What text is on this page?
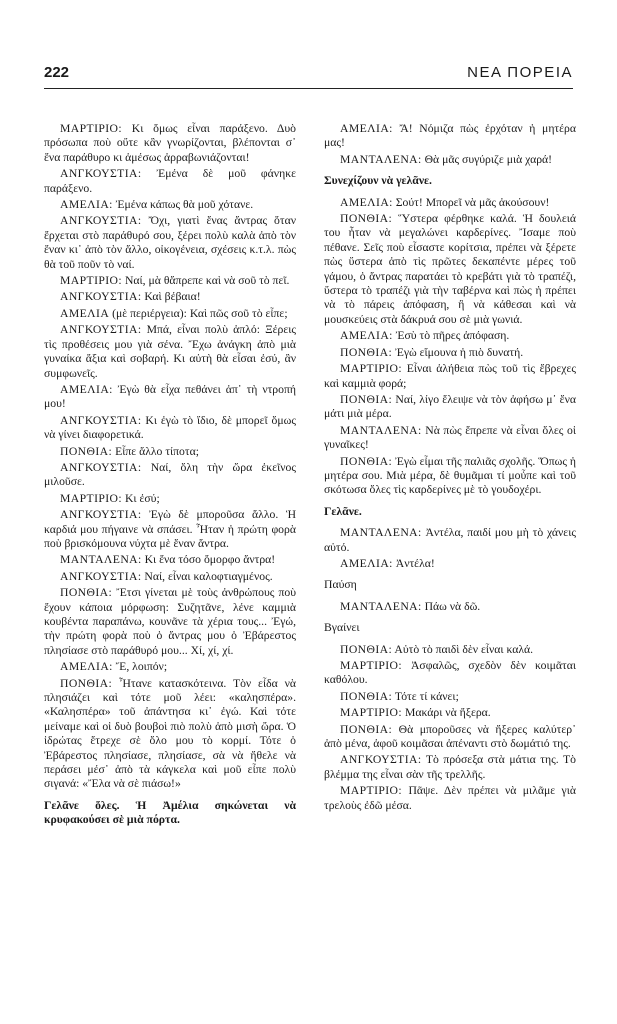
222	ΝΕΑ ΠΟΡΕΙΑ

ΜΑΡΤΙΡΙΟ: Κι ὅμως εἶναι παράξενο. Δυὸ πρόσωπα ποὺ οὔτε κἂν γνωρίζονται, βλέπονται σ᾽ ἕνα παράθυρο κι ἀμέσως ἀρραβωνιάζονται!

ΑΝΓΚΟΥΣΤΙΑ: Ἐμένα δὲ μοῦ φάνηκε παράξενο.

ΑΜΕΛΙΑ: Ἐμένα κάπως θὰ μοῦ χότανε.

ΑΝΓΚΟΥΣΤΙΑ: Ὄχι, γιατὶ ἕνας ἄντρας ὅταν ἔρχεται στὸ παράθυρό σου, ξέρει πολὺ καλὰ ἀπὸ τὸν ἕναν κι᾽ ἀπὸ τὸν ἄλλο, οἰκογένεια, σχέσεις κ.τ.λ. πὼς θὰ τοῦ ποῦν τὸ ναί.

ΜΑΡΤΙΡΙΟ: Ναί, μὰ θἄπρεπε καὶ νὰ σοῦ τὸ πεῖ.

ΑΝΓΚΟΥΣΤΙΑ: Καὶ βέβαια!

ΑΜΕΛΙΑ (μὲ περιέργεια): Καὶ πῶς σοῦ τὸ εἶπε;

ΑΝΓΚΟΥΣΤΙΑ: Μπά, εἶναι πολὺ ἁπλό: Ξέρεις τὶς προθέσεις μου γιὰ σένα. Ἔχω ἀνάγκη ἀπὸ μιὰ γυναίκα ἄξια καὶ σοβαρή. Κι αὐτὴ θὰ εἶσαι ἐσύ, ἂν συμφωνεῖς.

ΑΜΕΛΙΑ: Ἐγὼ θὰ εἶχα πεθάνει ἀπ᾽ τὴ ντροπή μου!

ΑΝΓΚΟΥΣΤΙΑ: Κι ἐγὼ τὸ ἴδιο, δὲ μπορεῖ ὅμως νὰ γίνει διαφορετικά.

ΠΟΝΘΙΑ: Εἶπε ἄλλο τίποτα;

ΑΝΓΚΟΥΣΤΙΑ: Ναί, ὅλη τὴν ὥρα ἐκεῖνος μιλοῦσε.

ΜΑΡΤΙΡΙΟ: Κι ἐσύ;

ΑΝΓΚΟΥΣΤΙΑ: Ἐγὼ δὲ μποροῦσα ἄλλο. Ἡ καρδιά μου πήγαινε νὰ σπάσει. Ἦταν ἡ πρώτη φορὰ ποὺ βρισκόμουνα νύχτα μὲ ἕναν ἄντρα.

ΜΑΝΤΑΛΕΝΑ: Κι ἕνα τόσο ὄμορφο ἄντρα!

ΑΝΓΚΟΥΣΤΙΑ: Ναί, εἶναι καλοφτιαγμένος.

ΠΟΝΘΙΑ: Ἔτσι γίνεται μὲ τοὺς ἀνθρώπους ποὺ ἔχουν κάποια μόρφωση: Συζητᾶνε, λένε καμμιὰ κουβέντα παραπάνω, κουνᾶνε τὰ χέρια τους... Ἐγώ, τὴν πρώτη φορὰ ποὺ ὁ ἄντρας μου ὁ Ἐβάρεστος πλησίασε στὸ παράθυρό μου... Χί, χί, χί.

ΑΜΕΛΙΑ: Ἔ, λοιπόν;

ΠΟΝΘΙΑ: Ἦτανε κατασκότεινα. Τὸν εἶδα νὰ πλησιάζει καὶ τότε μοῦ λέει: «καλησπέρα». «Καλησπέρα» τοῦ ἀπάντησα κι᾽ ἐγώ. Καὶ τότε μείναμε καὶ οἱ δυὸ βουβοὶ πιὸ πολὺ ἀπὸ μισὴ ὥρα. Ὁ ἱδρώτας ἔτρεχε σὲ ὅλο μου τὸ κορμί. Τότε ὁ Ἐβάρεστος πλησίασε, πλησίασε, σὰ νὰ ἤθελε νὰ περάσει μέσ᾽ ἀπὸ τὰ κάγκελα καὶ μοῦ εἶπε πολὺ σιγανά: «Ἔλα νὰ σὲ πιάσω!»

Γελᾶνε ὅλες. Ἡ Ἀμέλια σηκώνεται νὰ κρυφακούσει σὲ μιὰ πόρτα.

ΑΜΕΛΙΑ: Ἄ! Νόμιζα πὼς ἐρχόταν ἡ μητέρα μας!

ΜΑΝΤΑΛΕΝΑ: Θὰ μᾶς συγύριζε μιὰ χαρά!

Συνεχίζουν νὰ γελᾶνε.

ΑΜΕΛΙΑ: Σούτ! Μπορεῖ νὰ μᾶς ἀκούσουν!

ΠΟΝΘΙΑ: Ὕστερα φέρθηκε καλά. Ἡ δουλειά του ἦταν νὰ μεγαλώνει καρδερίνες. Ἴσαμε ποὺ πέθανε. Σεῖς ποὺ εἶσαστε κορίτσια, πρέπει νὰ ξέρετε πὼς ὕστερα ἀπὸ τὶς πρῶτες δεκαπέντε μέρες τοῦ γάμου, ὁ ἄντρας παρατάει τὸ κρεβάτι γιὰ τὸ τραπέζι, ὕστερα τὸ τραπέζι γιὰ τὴν ταβέρνα καὶ πὼς ἡ πρέπει νὰ τὸ πάρεις ἀπόφαση, ἢ νὰ κάθεσαι καὶ νὰ μουσκεύεις στὰ δάκρυά σου σὲ μιὰ γωνιά.

ΑΜΕΛΙΑ: Ἐσὺ τὸ πῆρες ἀπόφαση.

ΠΟΝΘΙΑ: Ἐγὼ εἴμουνα ἡ πιὸ δυνατή.

ΜΑΡΤΙΡΙΟ: Εἶναι ἀλήθεια πὼς τοῦ τὶς ἔβρεχες καὶ καμμιὰ φορά;

ΠΟΝΘΙΑ: Ναί, λίγο ἔλειψε νὰ τὸν ἀφήσω μ᾽ ἕνα μάτι μιὰ μέρα.

ΜΑΝΤΑΛΕΝΑ: Νὰ πὼς ἔπρεπε νὰ εἶναι ὅλες οἱ γυναῖκες!

ΠΟΝΘΙΑ: Ἐγὼ εἶμαι τῆς παλιᾶς σχολῆς. Ὅπως ἡ μητέρα σου. Μιὰ μέρα, δὲ θυμᾶμαι τί μοὖπε καὶ τοῦ σκότωσα ὅλες τὶς καρδερίνες μὲ τὸ γουδοχέρι.

Γελᾶνε.

ΜΑΝΤΑΛΕΝΑ: Ἀντέλα, παιδί μου μὴ τὸ χάνεις αὐτό.

ΑΜΕΛΙΑ: Ἀντέλα!

Παύση

ΜΑΝΤΑΛΕΝΑ: Πάω νὰ δῶ.

Βγαίνει

ΠΟΝΘΙΑ: Αὐτὸ τὸ παιδὶ δὲν εἶναι καλά.

ΜΑΡΤΙΡΙΟ: Ἀσφαλῶς, σχεδὸν δὲν κοιμᾶται καθόλου.

ΠΟΝΘΙΑ: Τότε τί κάνει;

ΜΑΡΤΙΡΙΟ: Μακάρι νὰ ἤξερα.

ΠΟΝΘΙΑ: Θὰ μποροῦσες νὰ ἤξερες καλύτερ᾽ ἀπὸ μένα, ἀφοῦ κοιμᾶσαι ἀπέναντι στὸ δωμάτιό της.

ΑΝΓΚΟΥΣΤΙΑ: Τὸ πρόσεξα στὰ μάτια της. Τὸ βλέμμα της εἶναι σὰν τῆς τρελλῆς.

ΜΑΡΤΙΡΙΟ: Πᾶψε. Δὲν πρέπει νὰ μιλᾶμε γιὰ τρελοὺς ἐδῶ μέσα.
